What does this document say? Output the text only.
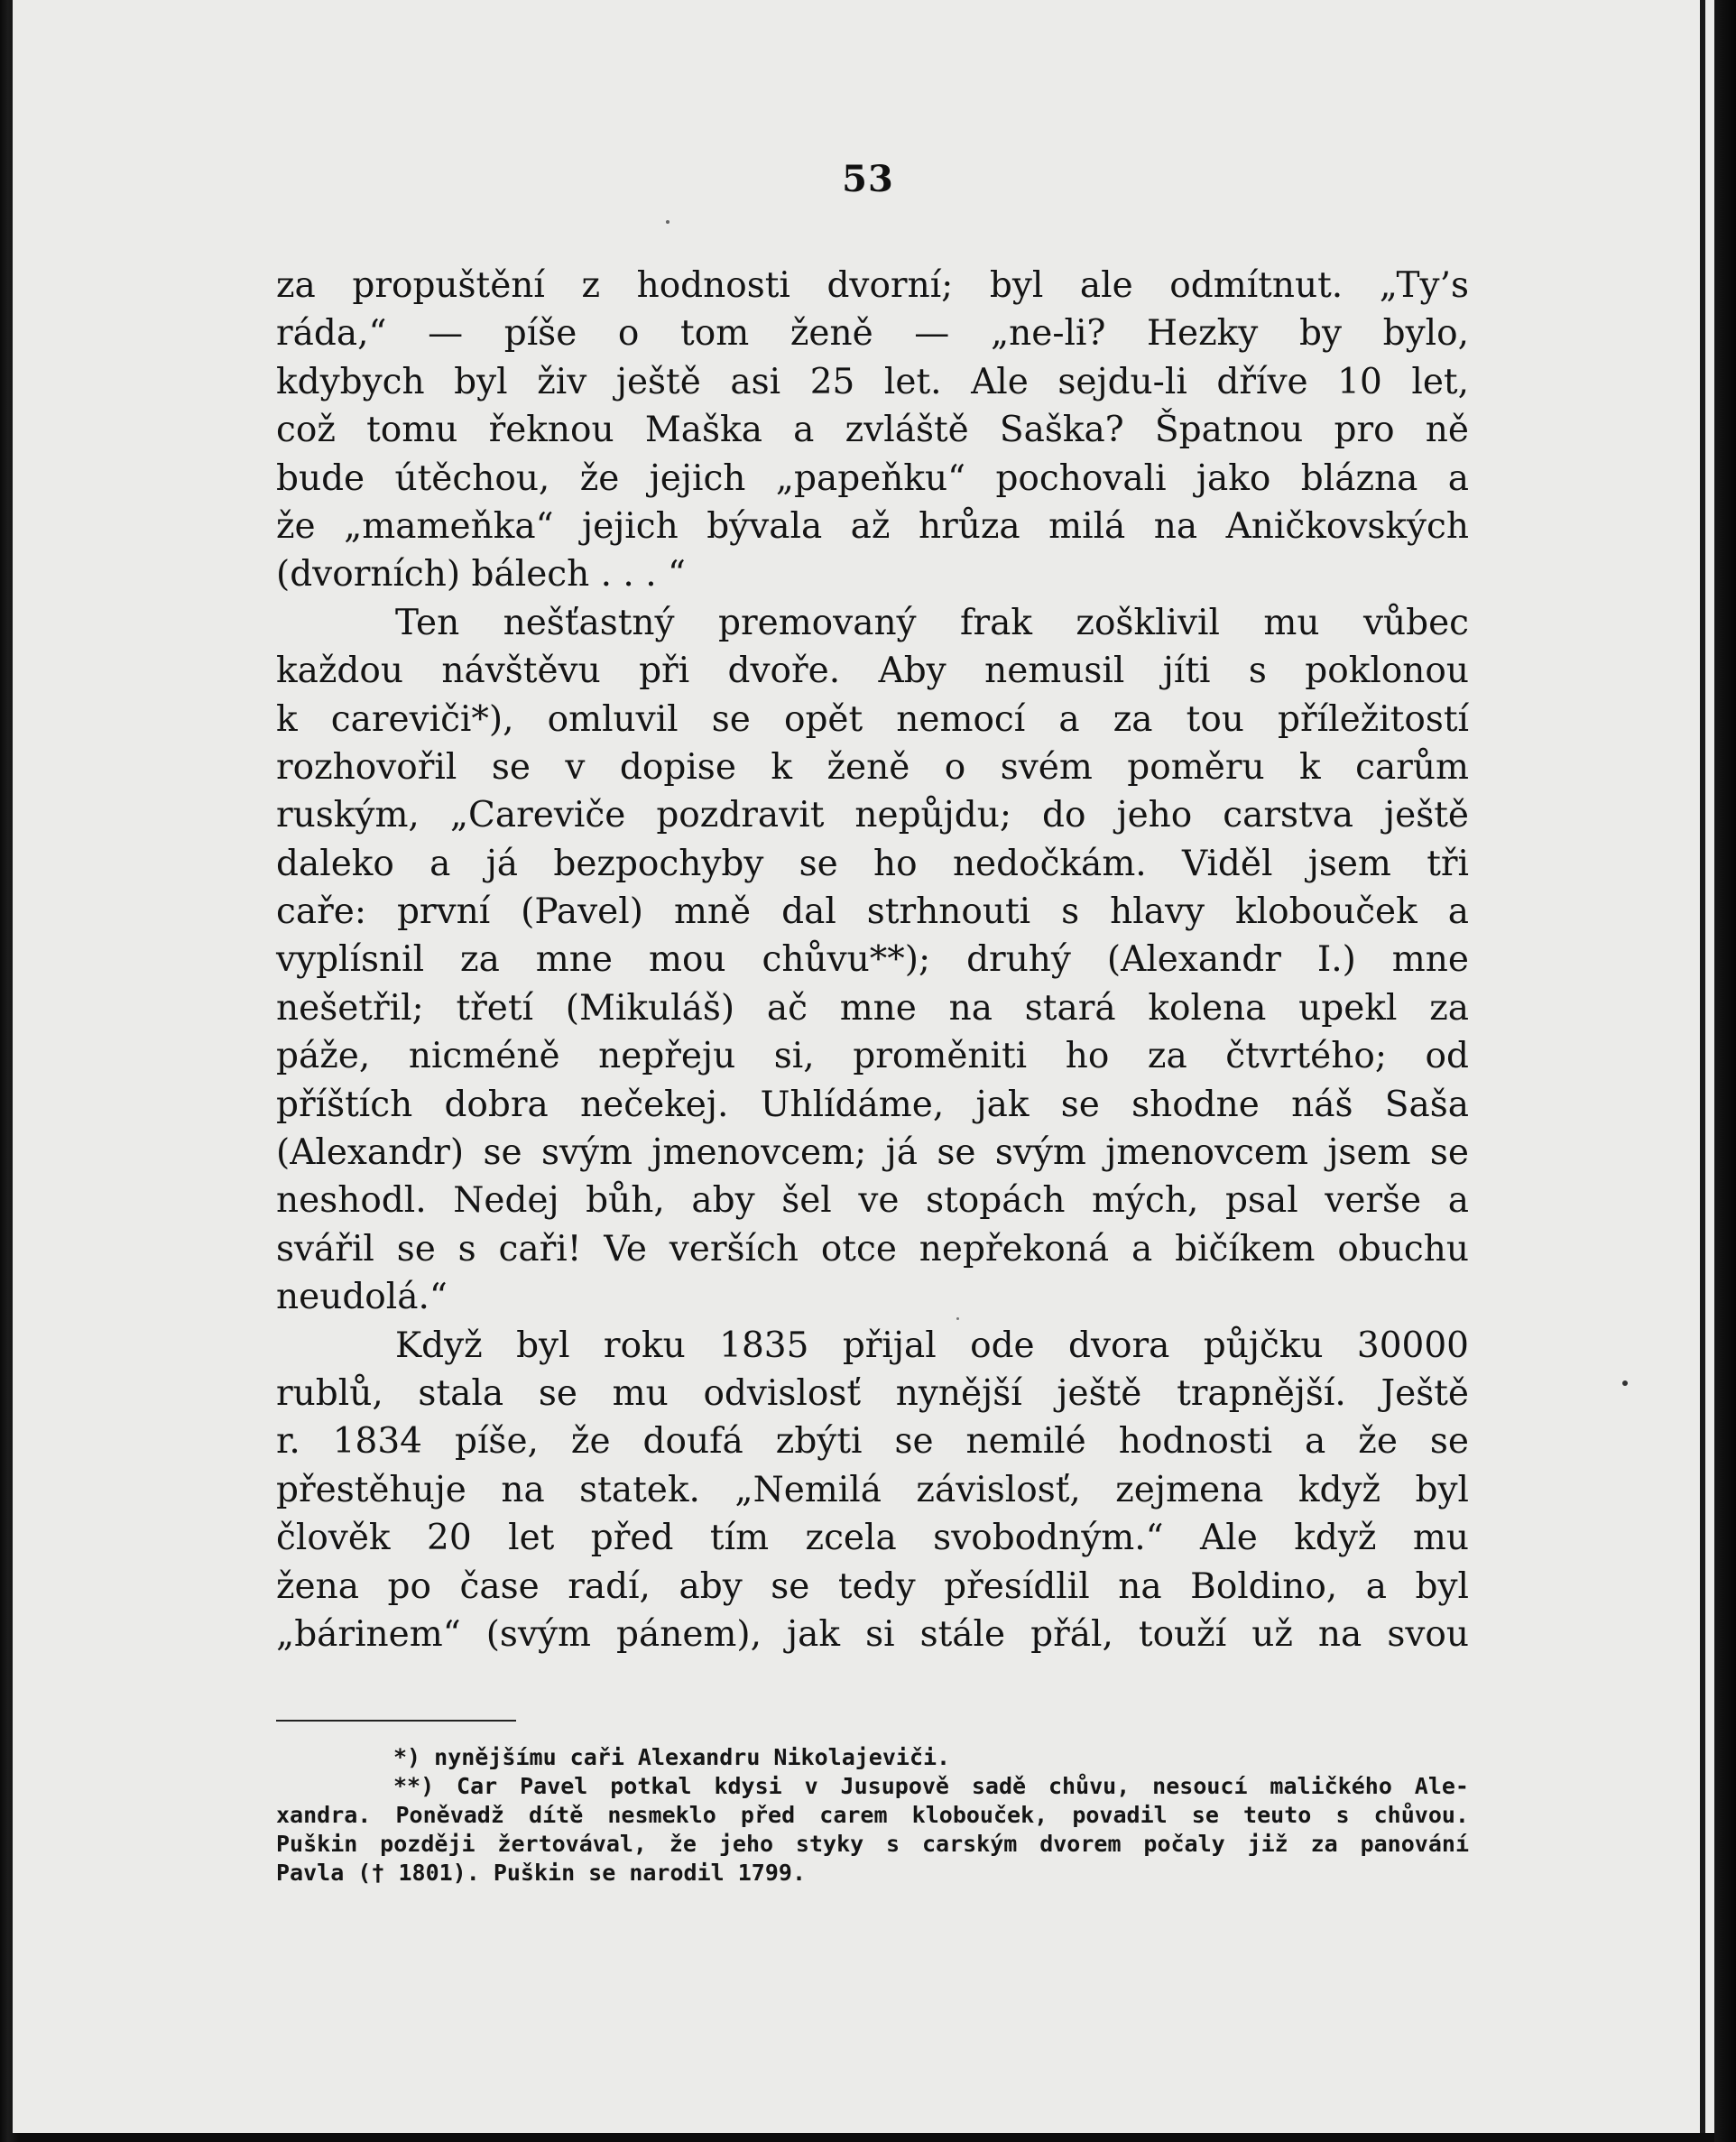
53
za propuštění z hodnosti dvorní; byl ale odmítnut. „Ty’s
ráda,“ — píše o tom ženě — „ne-li? Hezky by bylo,
kdybych byl živ ještě asi 25 let. Ale sejdu-li dříve 10 let,
což tomu řeknou Maška a zvláště Saška? Špatnou pro ně
bude útěchou, že jejich „papeňku“ pochovali jako blázna a
že „mameňka“ jejich bývala až hrůza milá na Aničkovských
(dvorních) bálech . . . “
Ten nešťastný premovaný frak zošklivil mu vůbec
každou návštěvu při dvoře. Aby nemusil jíti s poklonou
k careviči*), omluvil se opět nemocí a za tou příležitostí
rozhovořil se v dopise k ženě o svém poměru k carům
ruským, „Careviče pozdravit nepůjdu; do jeho carstva ještě
daleko a já bezpochyby se ho nedočkám. Viděl jsem tři
caře: první (Pavel) mně dal strhnouti s hlavy klobouček a
vyplísnil za mne mou chůvu**); druhý (Alexandr I.) mne
nešetřil; třetí (Mikuláš) ač mne na stará kolena upekl za
páže, nicméně nepřeju si, proměniti ho za čtvrtého; od
příštích dobra nečekej. Uhlídáme, jak se shodne náš Saša
(Alexandr) se svým jmenovcem; já se svým jmenovcem jsem se
neshodl. Nedej bůh, aby šel ve stopách mých, psal verše a
svářil se s caři! Ve verších otce nepřekoná a bičíkem obuchu
neudolá.“
Když byl roku 1835 přijal ode dvora půjčku 30000
rublů, stala se mu odvislosť nynější ještě trapnější. Ještě
r. 1834 píše, že doufá zbýti se nemilé hodnosti a že se
přestěhuje na statek. „Nemilá závislosť, zejmena když byl
člověk 20 let před tím zcela svobodným.“ Ale když mu
žena po čase radí, aby se tedy přesídlil na Boldino, a byl
„bárinem“ (svým pánem), jak si stále přál, touží už na svou
*) nynějšímu caři Alexandru Nikolajeviči.
**) Car Pavel potkal kdysi v Jusupově sadě chůvu, nesoucí maličkého Ale-
xandra. Poněvadž dítě nesmeklo před carem klobouček, povadil se teuto s chůvou.
Puškin později žertovával, že jeho styky s carským dvorem počaly již za panování
Pavla († 1801). Puškin se narodil 1799.
